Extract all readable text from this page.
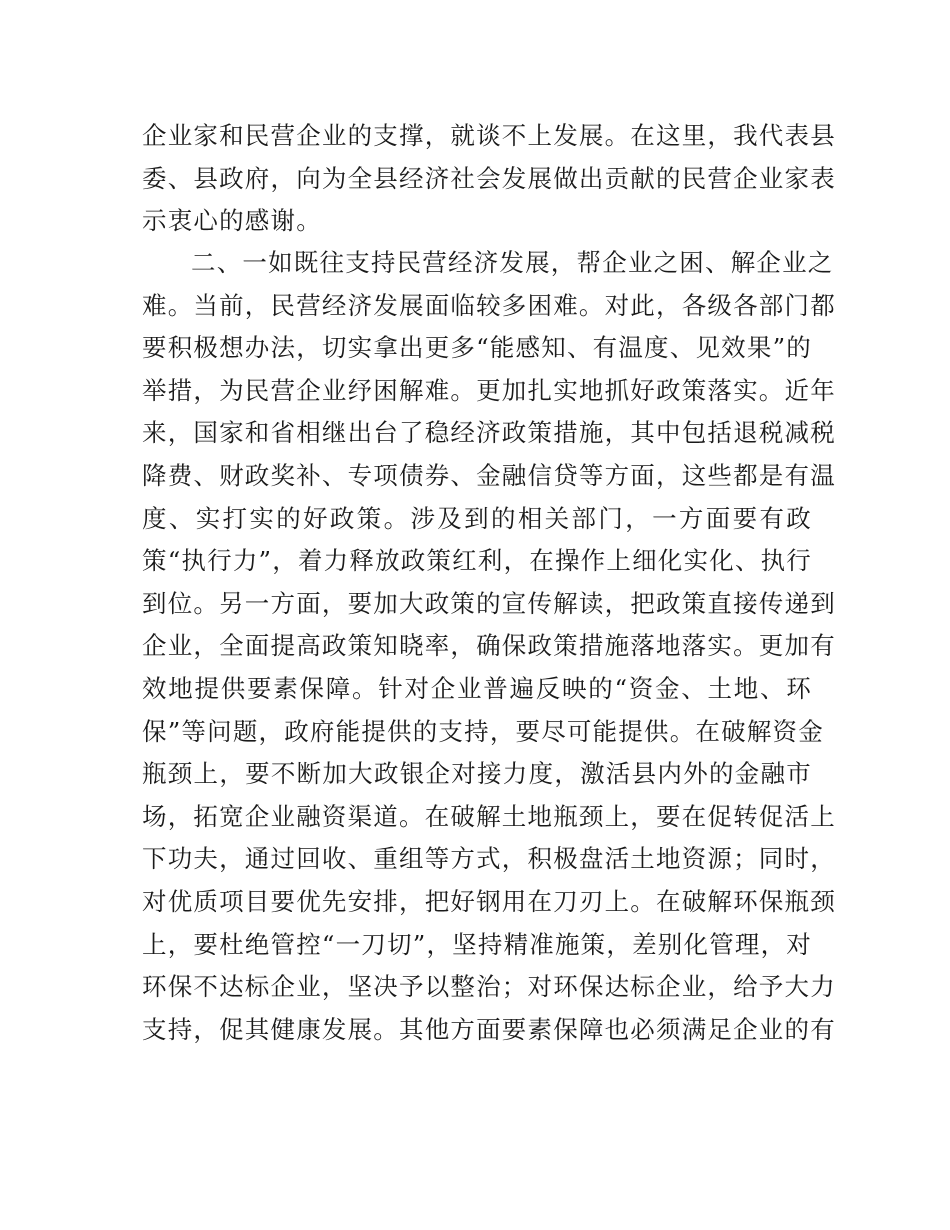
企业家和民营企业的支撑，就谈不上发展。在这里，我代表县
委、县政府，向为全县经济社会发展做出贡献的民营企业家表
示衷心的感谢。
二、一如既往支持民营经济发展，帮企业之困、解企业之
难。当前，民营经济发展面临较多困难。对此，各级各部门都
要积极想办法，切实拿出更多“能感知、有温度、见效果”的
举措，为民营企业纾困解难。更加扎实地抓好政策落实。近年
来，国家和省相继出台了稳经济政策措施，其中包括退税减税
降费、财政奖补、专项债券、金融信贷等方面，这些都是有温
度、实打实的好政策。涉及到的相关部门，一方面要有政
策“执行力”，着力释放政策红利，在操作上细化实化、执行
到位。另一方面，要加大政策的宣传解读，把政策直接传递到
企业，全面提高政策知晓率，确保政策措施落地落实。更加有
效地提供要素保障。针对企业普遍反映的“资金、土地、环
保”等问题，政府能提供的支持，要尽可能提供。在破解资金
瓶颈上，要不断加大政银企对接力度，激活县内外的金融市
场，拓宽企业融资渠道。在破解土地瓶颈上，要在促转促活上
下功夫，通过回收、重组等方式，积极盘活土地资源；同时，
对优质项目要优先安排，把好钢用在刀刃上。在破解环保瓶颈
上，要杜绝管控“一刀切”，坚持精准施策，差别化管理，对
环保不达标企业，坚决予以整治；对环保达标企业，给予大力
支持，促其健康发展。其他方面要素保障也必须满足企业的有
